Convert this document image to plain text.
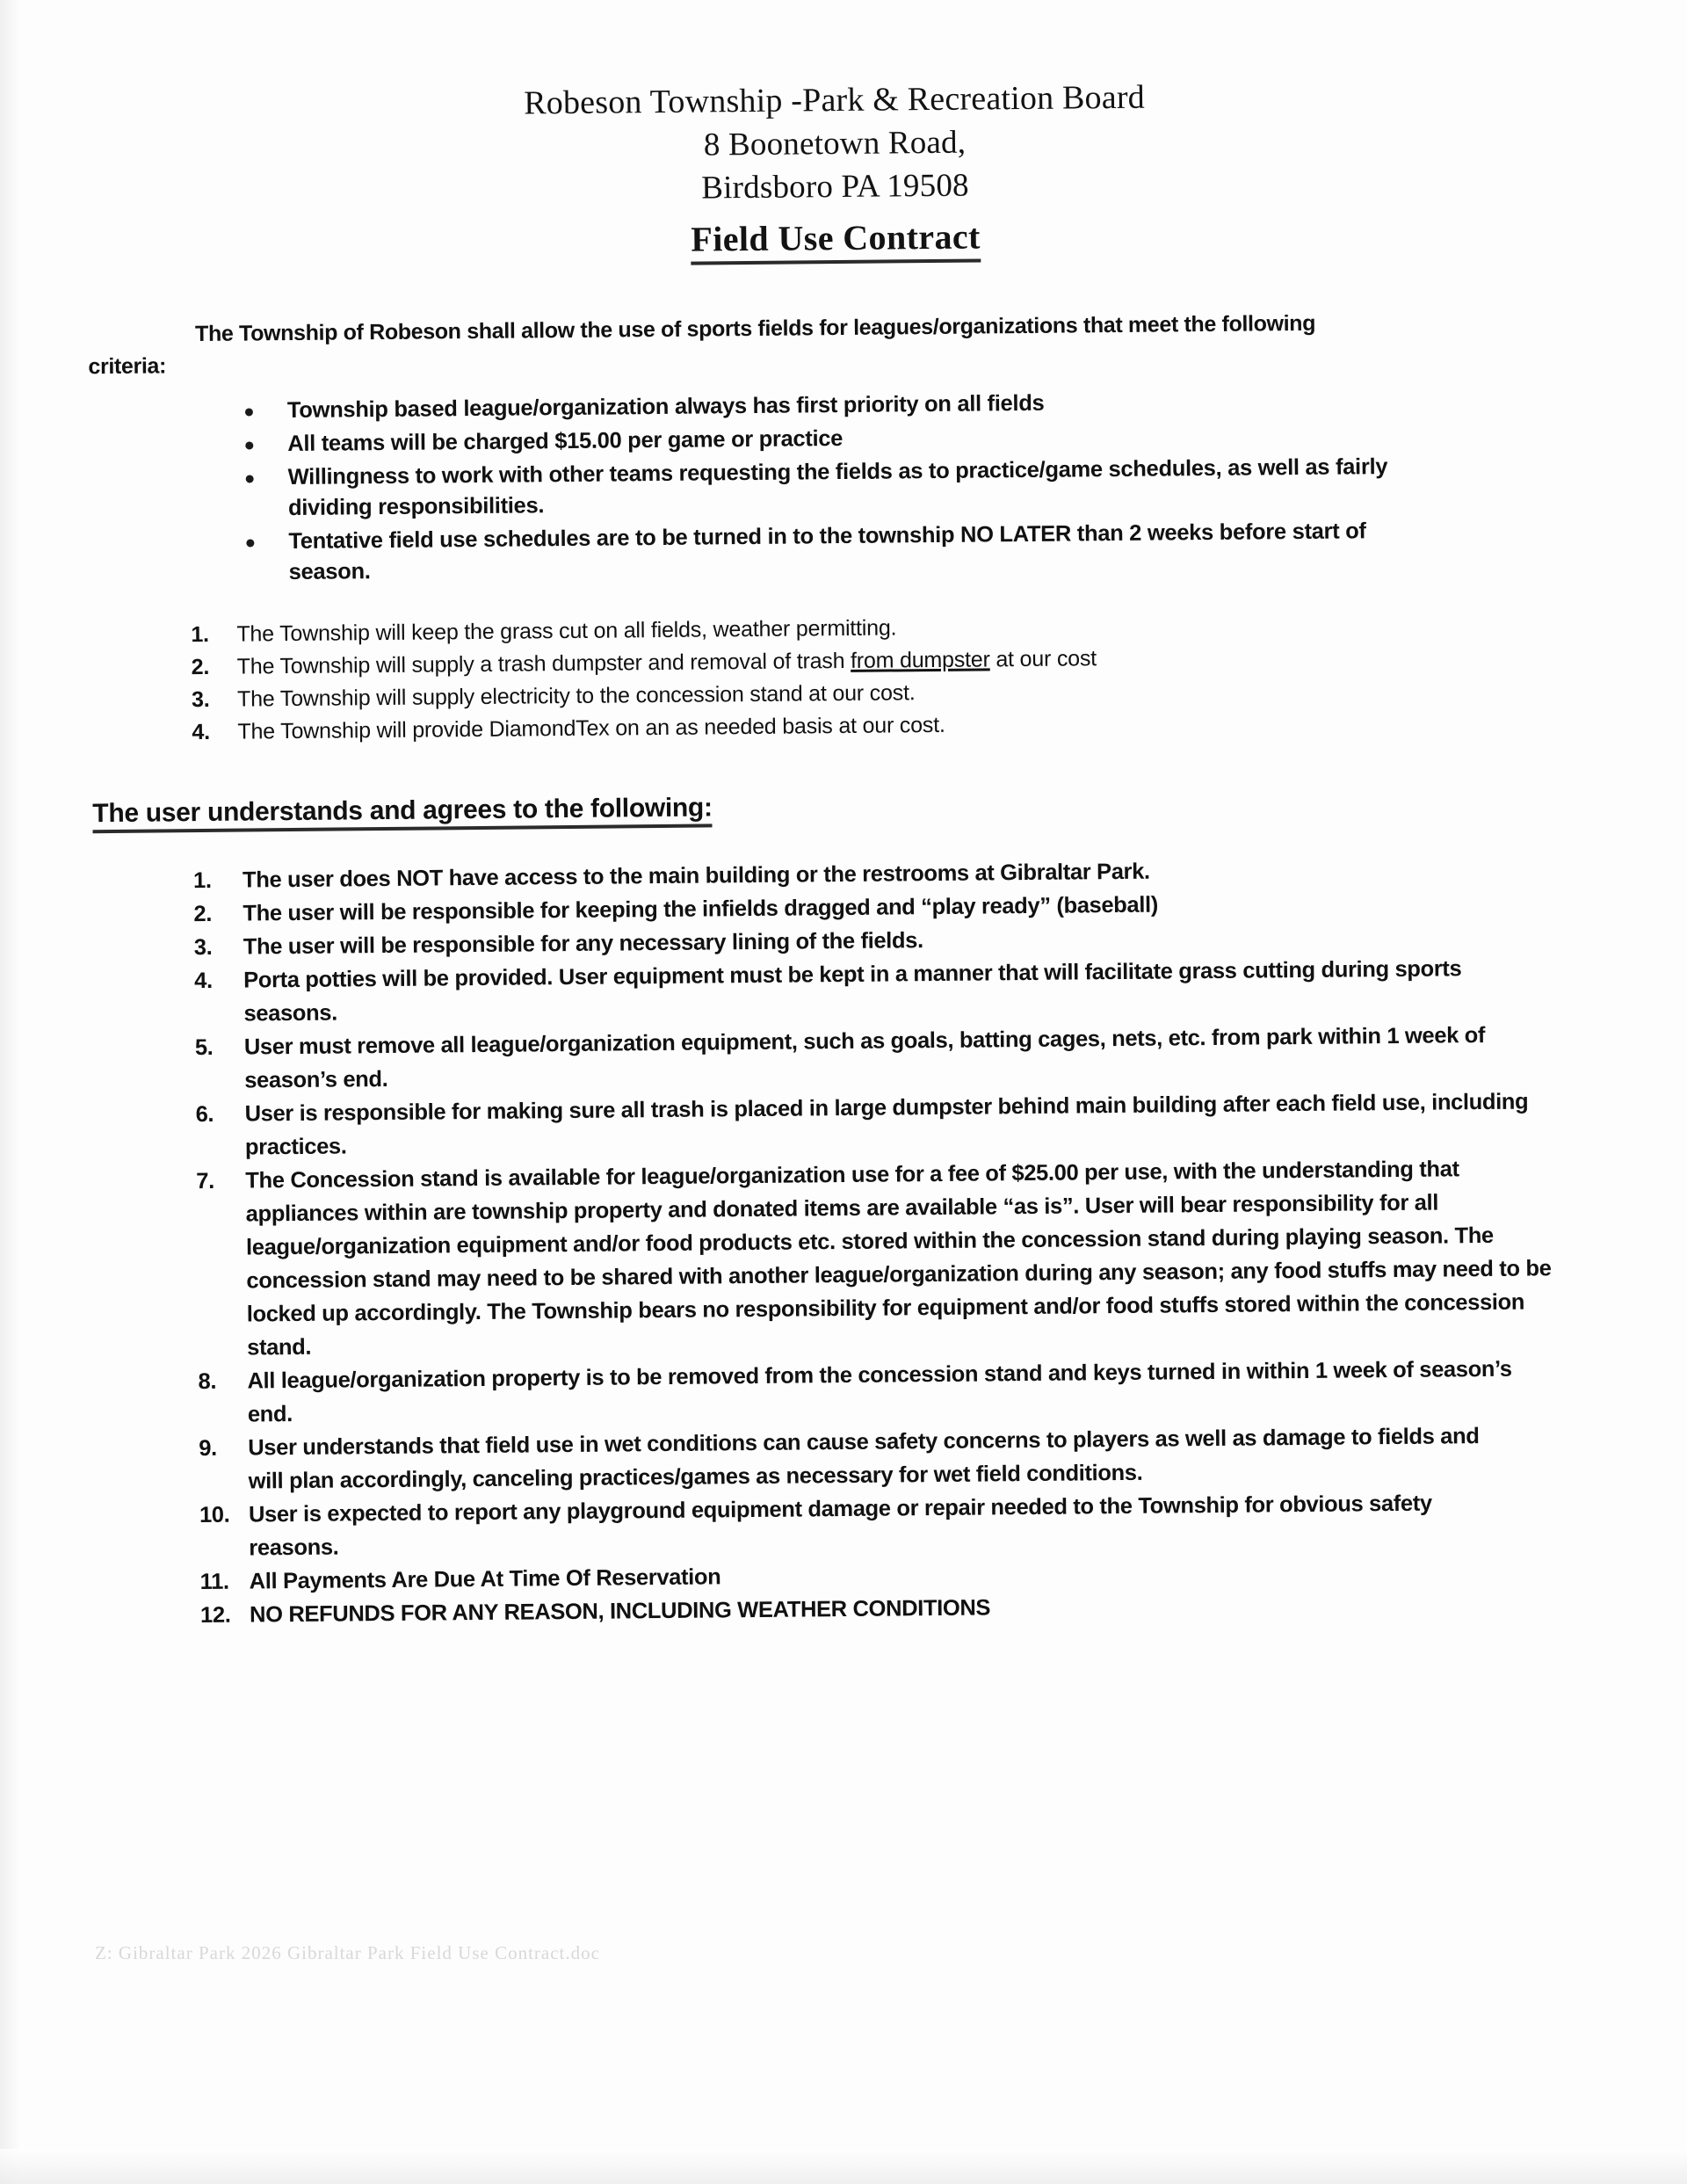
Robeson Township -Park & Recreation Board
8 Boonetown Road,
Birdsboro PA 19508
Field Use Contract
The Township of Robeson shall allow the use of sports fields for leagues/organizations that meet the following
criteria:
Township based league/organization always has first priority on all fields
All teams will be charged $15.00 per game or practice
Willingness to work with other teams requesting the fields as to practice/game schedules, as well as fairly dividing responsibilities.
Tentative field use schedules are to be turned in to the township NO LATER than 2 weeks before start of season.
1. The Township will keep the grass cut on all fields, weather permitting.
2. The Township will supply a trash dumpster and removal of trash from dumpster at our cost
3. The Township will supply electricity to the concession stand at our cost.
4. The Township will provide DiamondTex on an as needed basis at our cost.
The user understands and agrees to the following:
1. The user does NOT have access to the main building or the restrooms at Gibraltar Park.
2. The user will be responsible for keeping the infields dragged and “play ready” (baseball)
3. The user will be responsible for any necessary lining of the fields.
4. Porta potties will be provided. User equipment must be kept in a manner that will facilitate grass cutting during sports seasons.
5. User must remove all league/organization equipment, such as goals, batting cages, nets, etc. from park within 1 week of season’s end.
6. User is responsible for making sure all trash is placed in large dumpster behind main building after each field use, including practices.
7. The Concession stand is available for league/organization use for a fee of $25.00 per use, with the understanding that appliances within are township property and donated items are available “as is”. User will bear responsibility for all league/organization equipment and/or food products etc. stored within the concession stand during playing season. The concession stand may need to be shared with another league/organization during any season; any food stuffs may need to be locked up accordingly. The Township bears no responsibility for equipment and/or food stuffs stored within the concession stand.
8. All league/organization property is to be removed from the concession stand and keys turned in within 1 week of season’s end.
9. User understands that field use in wet conditions can cause safety concerns to players as well as damage to fields and will plan accordingly, canceling practices/games as necessary for wet field conditions.
10. User is expected to report any playground equipment damage or repair needed to the Township for obvious safety reasons.
11. All Payments Are Due At Time Of Reservation
12. NO REFUNDS FOR ANY REASON, INCLUDING WEATHER CONDITIONS
Z: Gibraltar Park 2026 Gibraltar Park Field Use Contract.doc
